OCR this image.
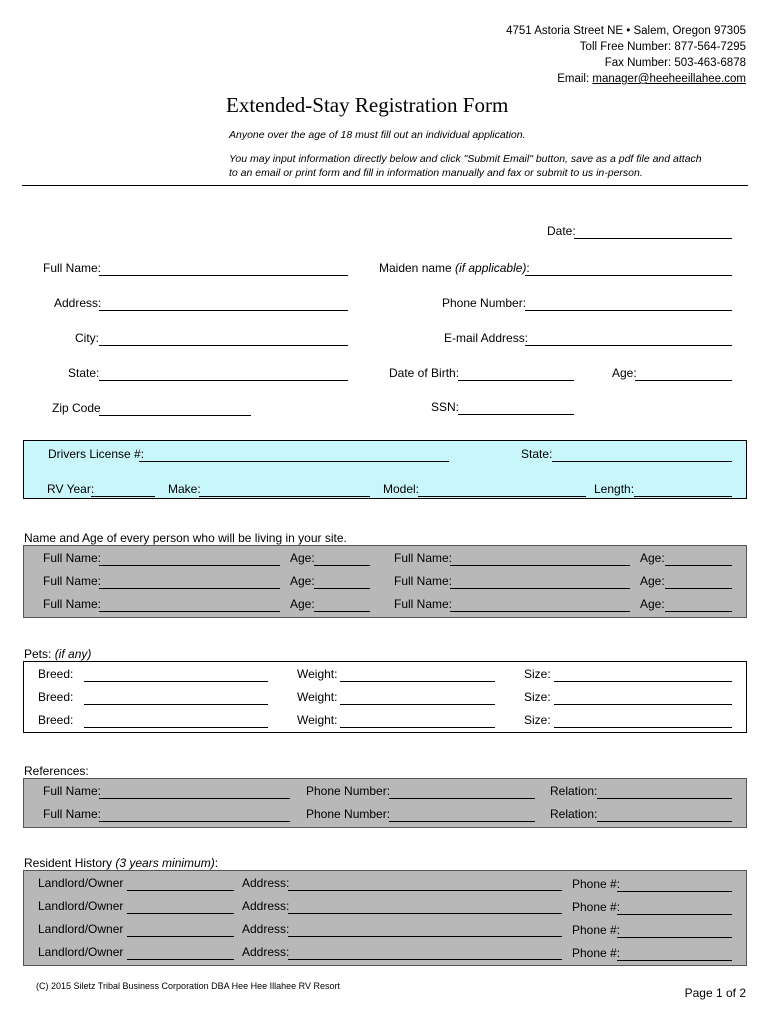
4751 Astoria Street NE • Salem, Oregon 97305
Toll Free Number: 877-564-7295
Fax Number: 503-463-6878
Email: manager@heeheeillahee.com
Extended-Stay Registration Form
Anyone over the age of 18 must fill out an individual application.
You may input information directly below and click "Submit Email" button, save as a pdf file and attach
to an email or print form and fill in information manually and fax or submit to us in-person.
Date:
Full Name:	Maiden name (if applicable):
Address:	Phone Number:
City:	E-mail Address:
State:	Date of Birth:	Age:
Zip Code	SSN:
Drivers License #:	State:
RV Year:	Make:	Model:	Length:
Name and Age of every person who will be living in your site.
Full Name:	Age:	Full Name:	Age:
Full Name:	Age:	Full Name:	Age:
Full Name:	Age:	Full Name:	Age:
Pets: (if any)
Breed:	Weight:	Size:
Breed:	Weight:	Size:
Breed:	Weight:	Size:
References:
Full Name:	Phone Number:	Relation:
Full Name:	Phone Number:	Relation:
Resident History (3 years minimum):
Landlord/Owner	Address:	Phone #:
Landlord/Owner	Address:	Phone #:
Landlord/Owner	Address:	Phone #:
Landlord/Owner	Address:	Phone #:
(C) 2015 Siletz Tribal Business Corporation DBA Hee Hee Illahee RV Resort	Page 1 of 2
